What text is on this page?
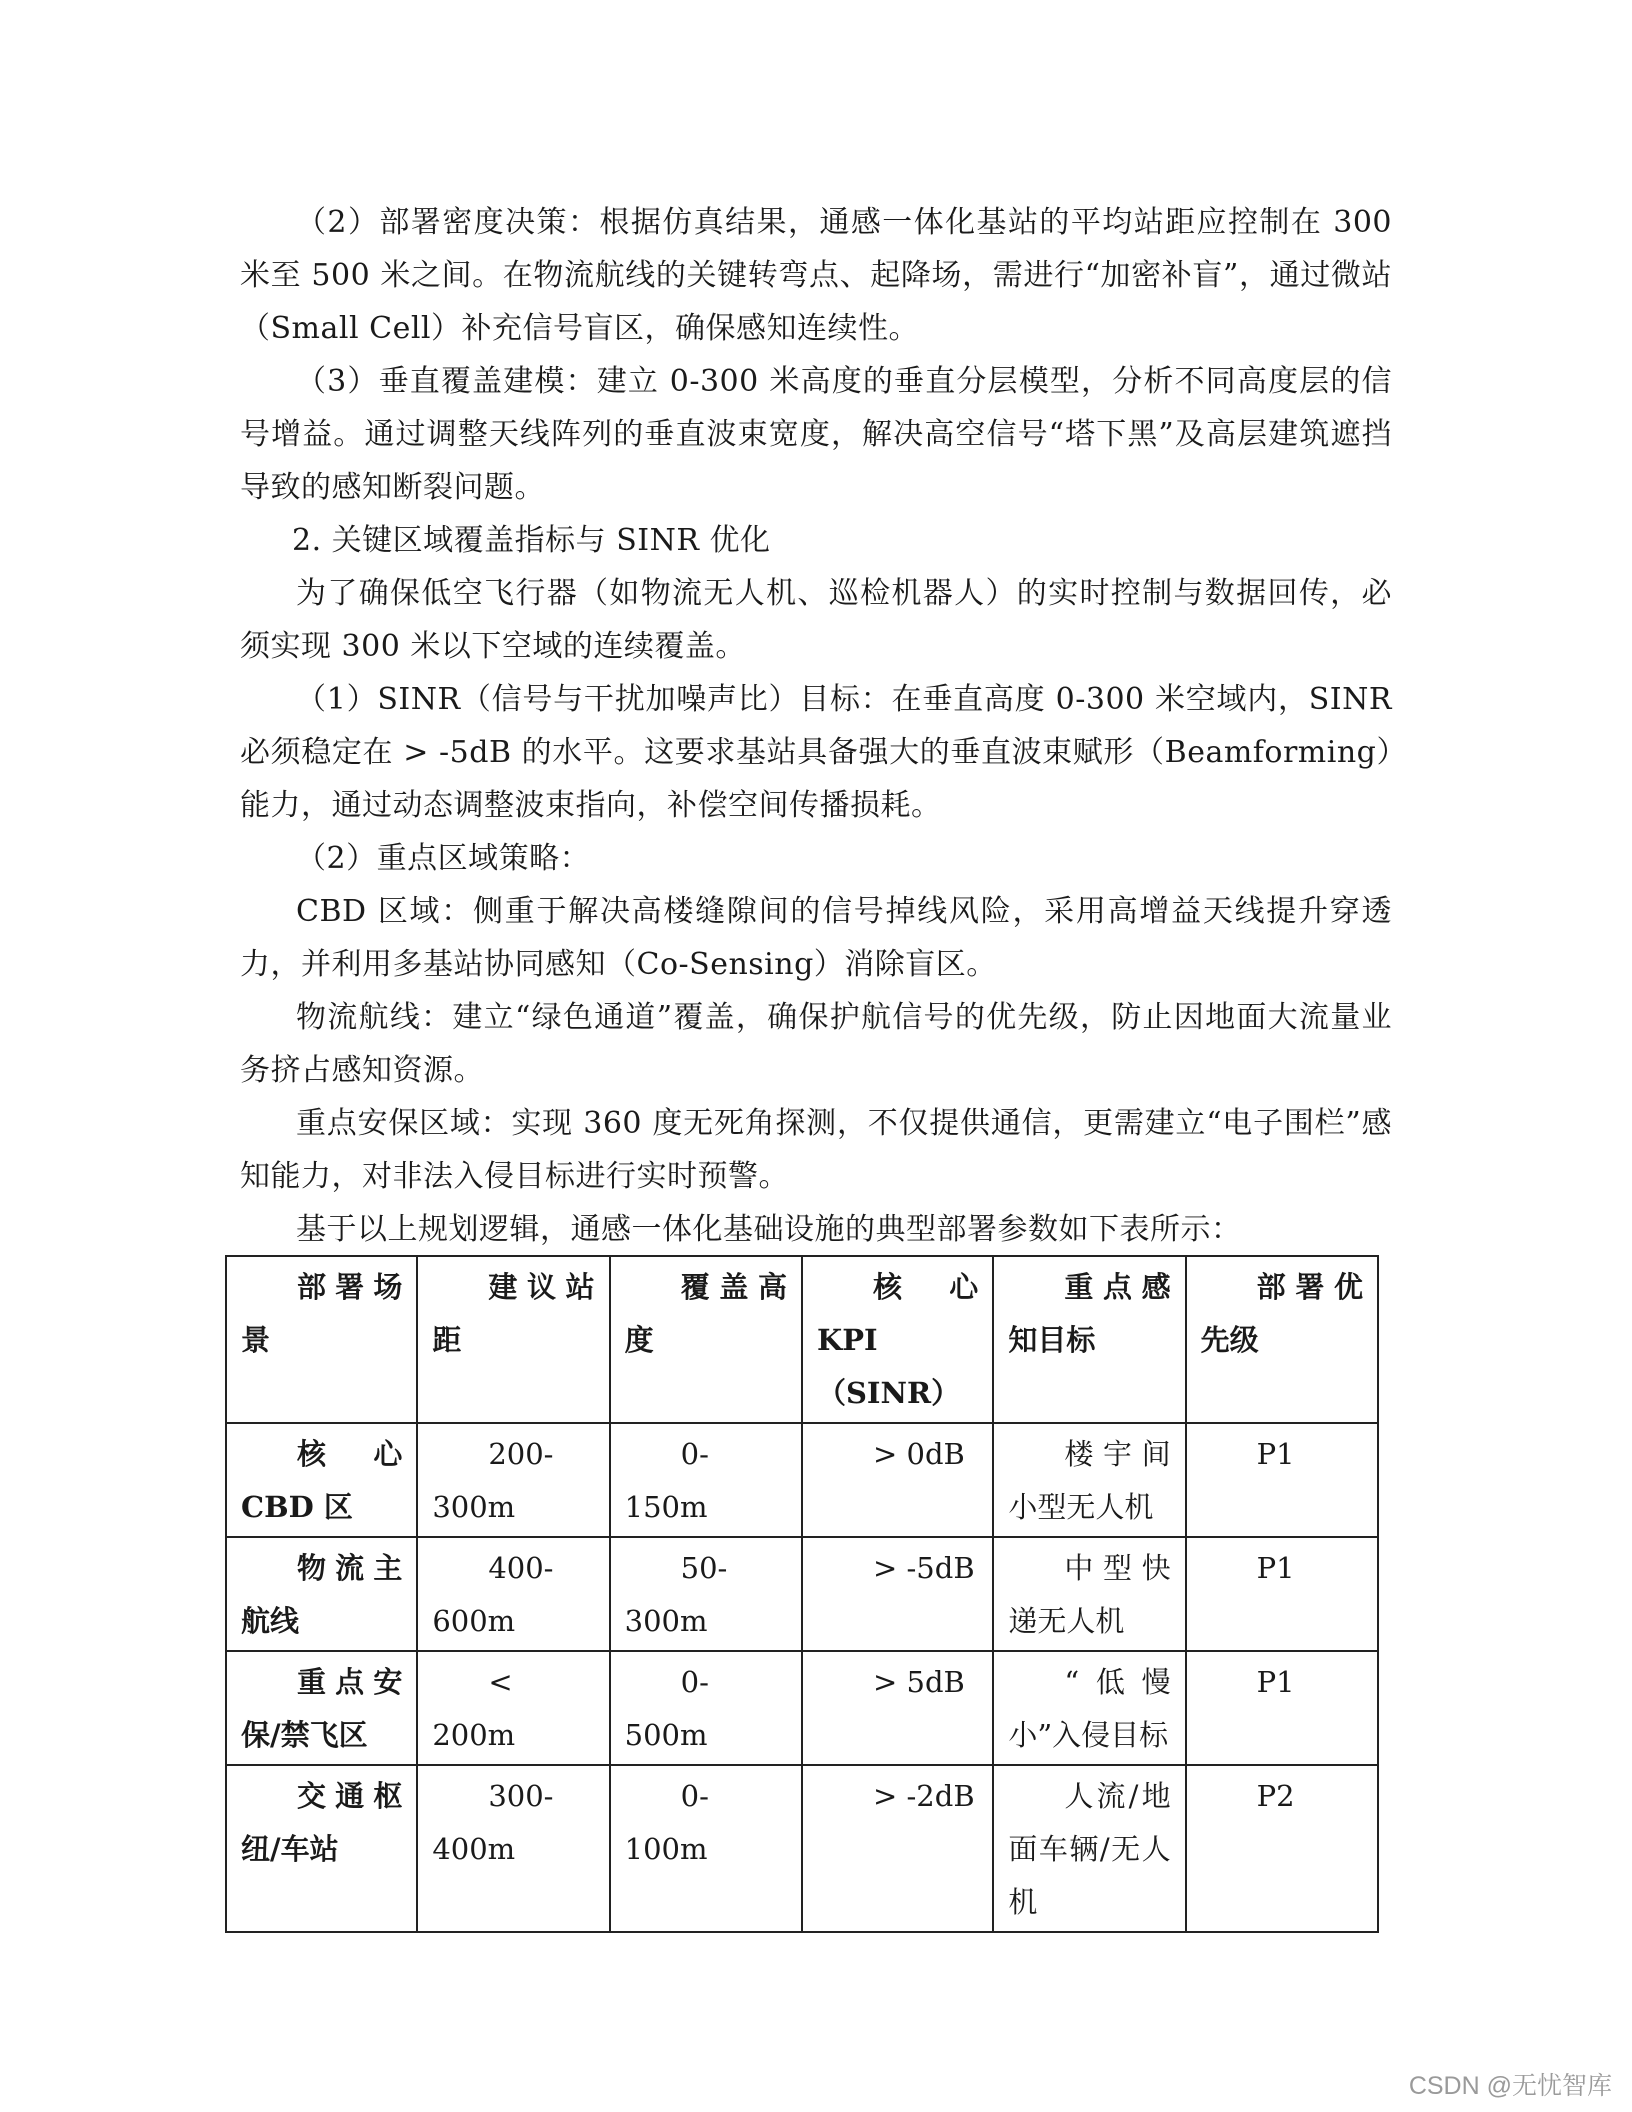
（2）部署密度决策：根据仿真结果，通感一体化基站的平均站距应控制在 300 米至 500 米之间。在物流航线的关键转弯点、起降场，需进行“加密补盲”，通过微站（Small Cell）补充信号盲区，确保感知连续性。

（3）垂直覆盖建模：建立 0-300 米高度的垂直分层模型，分析不同高度层的信号增益。通过调整天线阵列的垂直波束宽度，解决高空信号“塔下黑”及高层建筑遮挡导致的感知断裂问题。

2. 关键区域覆盖指标与 SINR 优化

为了确保低空飞行器（如物流无人机、巡检机器人）的实时控制与数据回传，必须实现 300 米以下空域的连续覆盖。

（1）SINR（信号与干扰加噪声比）目标：在垂直高度 0-300 米空域内，SINR 必须稳定在 > -5dB 的水平。这要求基站具备强大的垂直波束赋形（Beamforming）能力，通过动态调整波束指向，补偿空间传播损耗。

（2）重点区域策略：

CBD 区域：侧重于解决高楼缝隙间的信号掉线风险，采用高增益天线提升穿透力，并利用多基站协同感知（Co-Sensing）消除盲区。

物流航线：建立“绿色通道”覆盖，确保护航信号的优先级，防止因地面大流量业务挤占感知资源。

重点安保区域：实现 360 度无死角探测，不仅提供通信，更需建立“电子围栏”感知能力，对非法入侵目标进行实时预警。

基于以上规划逻辑，通感一体化基础设施的典型部署参数如下表所示：

部署场景	建议站距	覆盖高度	核心 KPI（SINR）	重点感知目标	部署优先级

核心 CBD 区	200-300m	0-150m	> 0dB	楼宇间小型无人机	P1

物流主航线	400-600m	50-300m	> -5dB	中型快递无人机	P1

重点安保/禁飞区	< 200m	0-500m	> 5dB	“低慢小”入侵目标	P1

交通枢纽/车站	300-400m	0-100m	> -2dB	人流/地面车辆/无人机	P2
CSDN @无忧智库
